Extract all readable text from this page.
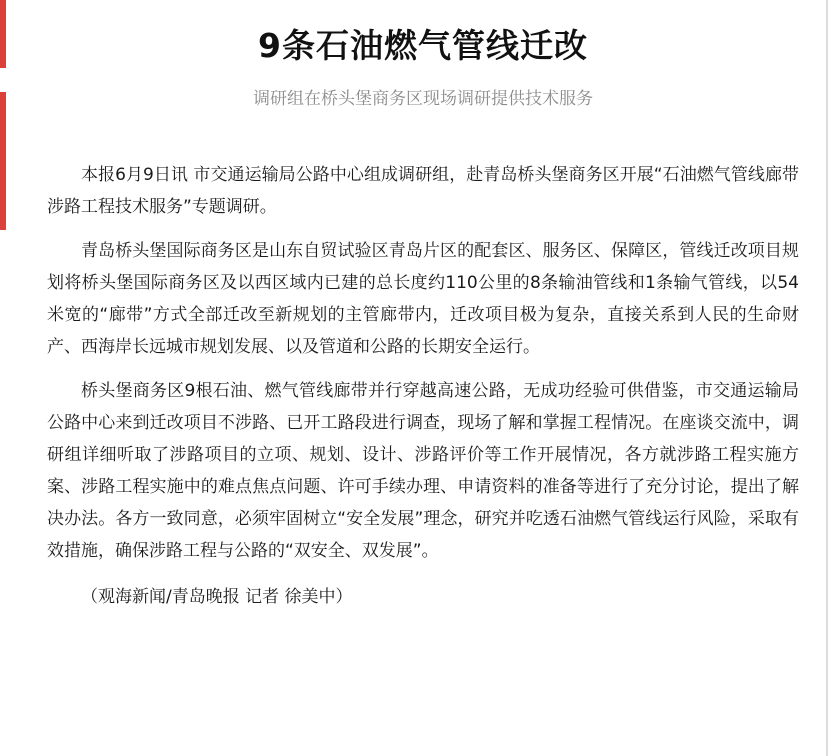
9条石油燃气管线迁改
调研组在桥头堡商务区现场调研提供技术服务

本报6月9日讯 市交通运输局公路中心组成调研组，赴青岛桥头堡商务区开展“石油燃气管线廊带涉路工程技术服务”专题调研。

青岛桥头堡国际商务区是山东自贸试验区青岛片区的配套区、服务区、保障区，管线迁改项目规划将桥头堡国际商务区及以西区域内已建的总长度约110公里的8条输油管线和1条输气管线，以54米宽的“廊带”方式全部迁改至新规划的主管廊带内，迁改项目极为复杂，直接关系到人民的生命财产、西海岸长远城市规划发展、以及管道和公路的长期安全运行。

桥头堡商务区9根石油、燃气管线廊带并行穿越高速公路，无成功经验可供借鉴，市交通运输局公路中心来到迁改项目不涉路、已开工路段进行调查，现场了解和掌握工程情况。在座谈交流中，调研组详细听取了涉路项目的立项、规划、设计、涉路评价等工作开展情况，各方就涉路工程实施方案、涉路工程实施中的难点焦点问题、许可手续办理、申请资料的准备等进行了充分讨论，提出了解决办法。各方一致同意，必须牢固树立“安全发展”理念，研究并吃透石油燃气管线运行风险，采取有效措施，确保涉路工程与公路的“双安全、双发展”。

（观海新闻/青岛晚报 记者 徐美中）
